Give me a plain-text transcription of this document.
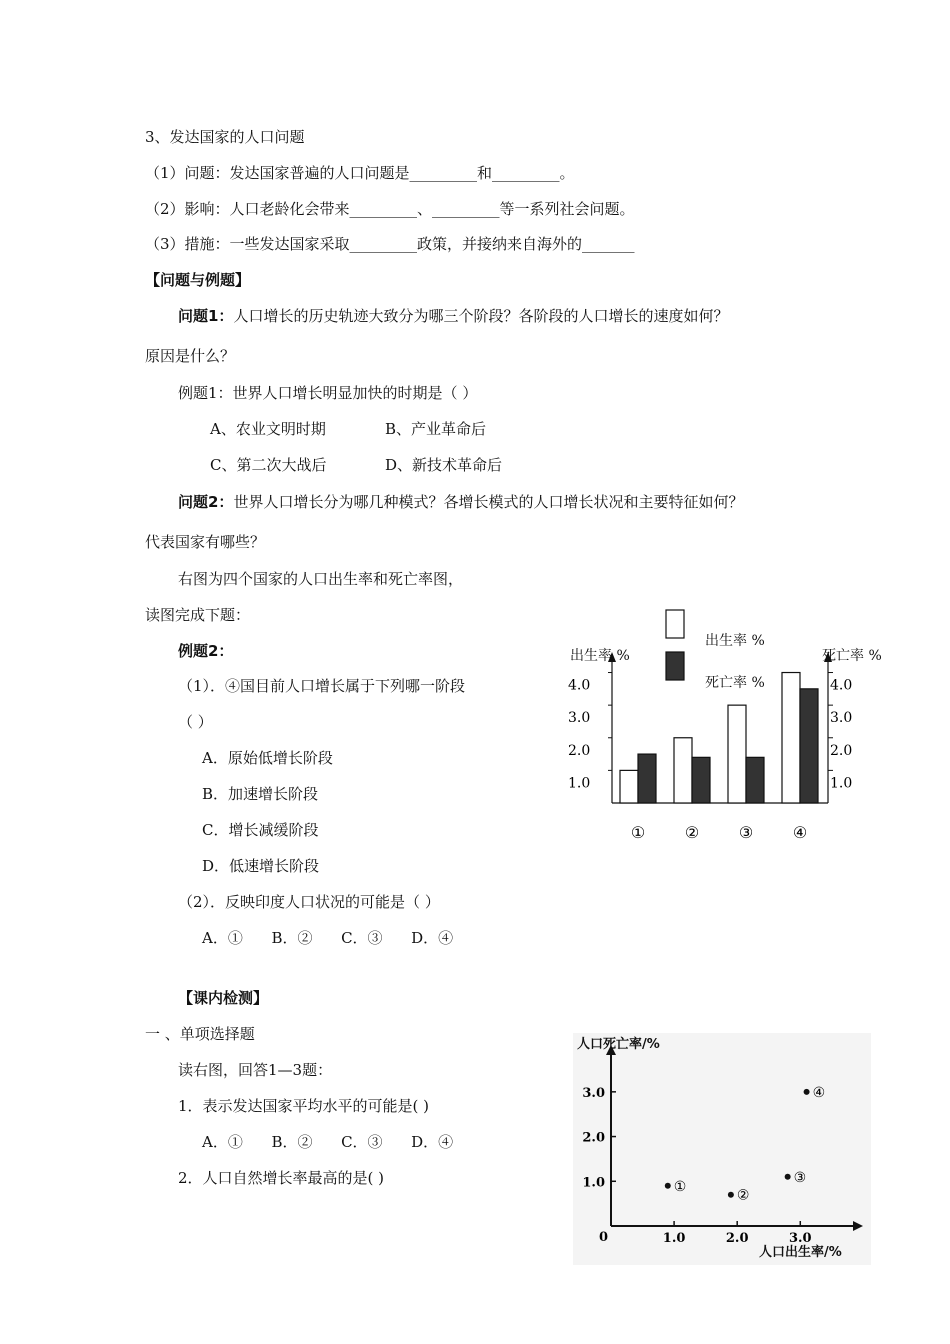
3、发达国家的人口问题
（1）问题：发达国家普遍的人口问题是_________和_________。
（2）影响：人口老龄化会带来_________、_________等一系列社会问题。
（3）措施：一些发达国家采取_________政策，并接纳来自海外的_______
【问题与例题】
问题1：人口增长的历史轨迹大致分为哪三个阶段？各阶段的人口增长的速度如何？
原因是什么？
例题1：世界人口增长明显加快的时期是（ ）
A、农业文明时期	B、产业革命后
C、第二次大战后	D、新技术革命后
问题2：世界人口增长分为哪几种模式？各增长模式的人口增长状况和主要特征如何？
代表国家有哪些？
右图为四个国家的人口出生率和死亡率图，
读图完成下题：
例题2：
（1）．④国目前人口增长属于下列哪一阶段
（ ）
A．原始低增长阶段
B．加速增长阶段
C．增长减缓阶段
D．低速增长阶段
（2）．反映印度人口状况的可能是（ ）
A．①      B．②      C．③      D．④
【课内检测】
一 、单项选择题
读右图，回答1—3题：
1．表示发达国家平均水平的可能是( )
A．①      B．②      C．③      D．④
2．人口自然增长率最高的是( )
1.0	1.0
2.0	2.0
3.0	3.0
4.0	4.0
① ② ③ ④
出生率 %	死亡率 %
出生率 %
死亡率 %
0	1.0
1.0
2.0
2.0
3.0
3.0
①
②
③
④
人口死亡率/%
人口出生率/%
